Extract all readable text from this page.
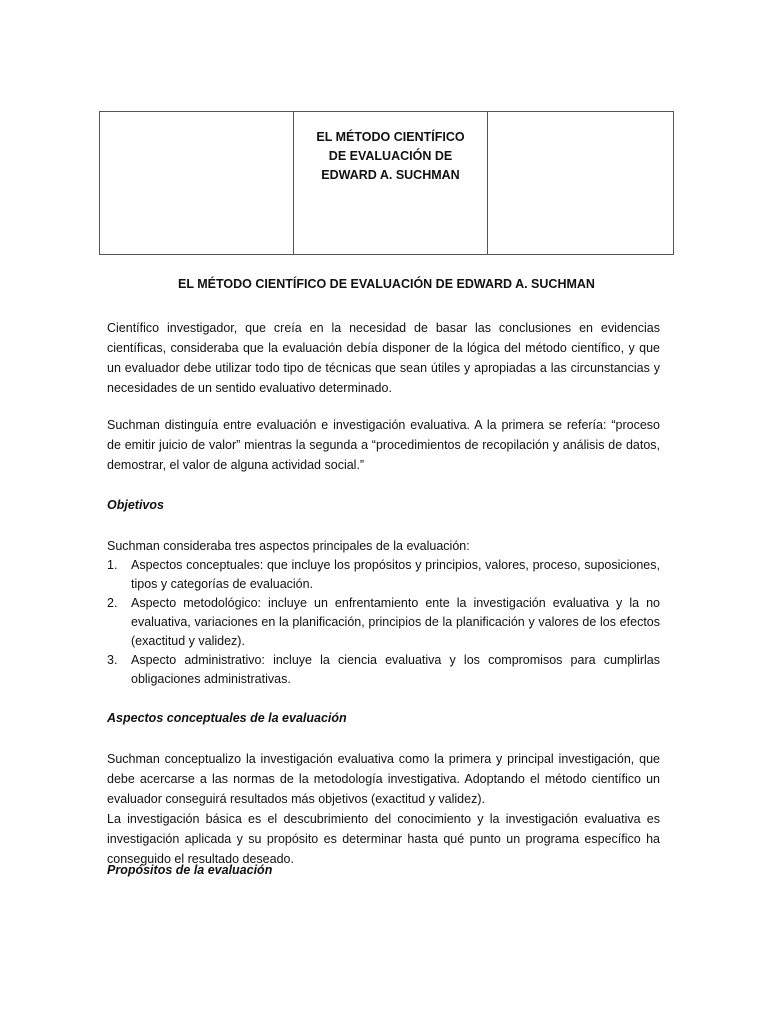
EL MÉTODO CIENTÍFICO DE EVALUACIÓN DE EDWARD A. SUCHMAN

EL MÉTODO CIENTÍFICO DE EVALUACIÓN DE EDWARD A. SUCHMAN

Científico investigador, que creía en la necesidad de basar las conclusiones en evidencias científicas, consideraba que la evaluación debía disponer de la lógica del método científico, y que un evaluador debe utilizar todo tipo de técnicas que sean útiles y apropiadas a las circunstancias y necesidades de un sentido evaluativo determinado.

Suchman distinguía entre evaluación e investigación evaluativa. A la primera se refería: “proceso de emitir juicio de valor” mientras la segunda a “procedimientos de recopilación y análisis de datos, demostrar, el valor de alguna actividad social.”

Objetivos

Suchman consideraba tres aspectos principales de la evaluación:

1. Aspectos conceptuales: que incluye los propósitos y principios, valores, proceso, suposiciones, tipos y categorías de evaluación.
2. Aspecto metodológico: incluye un enfrentamiento ente la investigación evaluativa y la no evaluativa, variaciones en la planificación, principios de la planificación y valores de los efectos (exactitud y validez).
3. Aspecto administrativo: incluye la ciencia evaluativa y los compromisos para cumplirlas obligaciones administrativas.
Aspectos conceptuales de la evaluación

Suchman conceptualizo la investigación evaluativa como la primera y principal investigación, que debe acercarse a las normas de la metodología investigativa. Adoptando el método científico un evaluador conseguirá resultados más objetivos (exactitud y validez).

La investigación básica es el descubrimiento del conocimiento y la investigación evaluativa es investigación aplicada y su propósito es determinar hasta qué punto un programa específico ha conseguido el resultado deseado.

Propósitos de la evaluación
